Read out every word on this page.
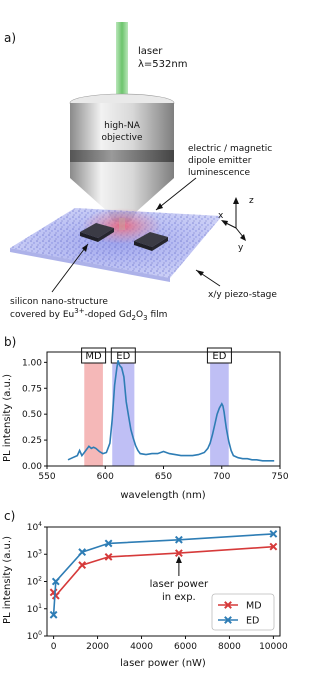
a)
laser
λ=532nm
high-NA
objective
electric / magnetic
dipole emitter
luminescence
z
x
y
x/y piezo-stage
silicon nano-structure
covered by $Eu^{3+}$-doped $Gd_2O_3$ film
b)
PL intensity (a.u.)
wavelength (nm)
MD ED	ED
550	600	650	700	750
0.00
0.25
0.50
0.75
1.00
c)
PL intensity (a.u.)
laser power (nW)
0	2000 4000 6000 8000 10000
$10^0$
$10^1$
$10^2$
$10^3$
$10^4$
laser power
in exp.
MD
ED
